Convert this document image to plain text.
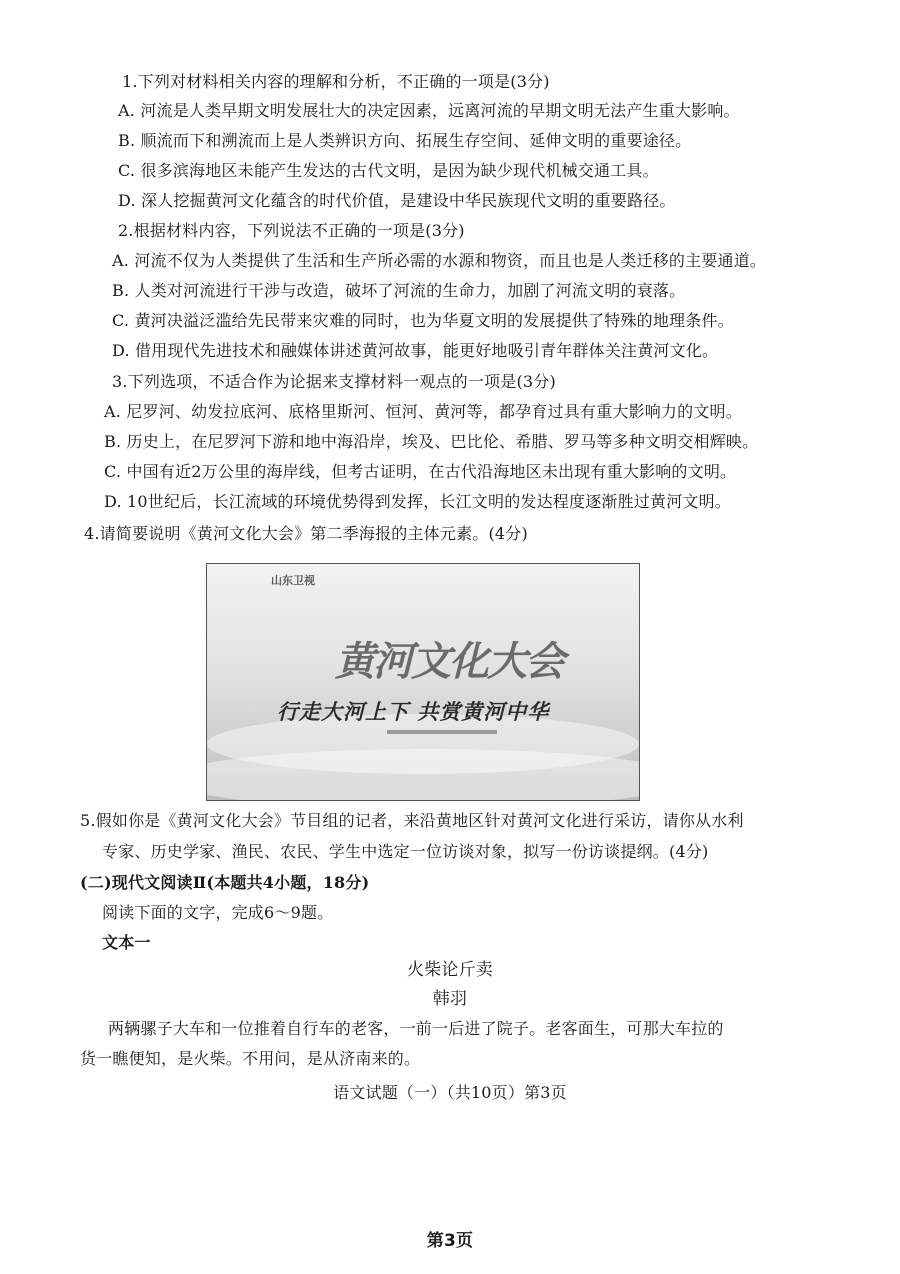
1.下列对材料相关内容的理解和分析，不正确的一项是(3分)
A. 河流是人类早期文明发展壮大的决定因素，远离河流的早期文明无法产生重大影响。
B. 顺流而下和溯流而上是人类辨识方向、拓展生存空间、延伸文明的重要途径。
C. 很多滨海地区未能产生发达的古代文明，是因为缺少现代机械交通工具。
D. 深人挖掘黄河文化蕴含的时代价值，是建设中华民族现代文明的重要路径。
2.根据材料内容，下列说法不正确的一项是(3分)
A. 河流不仅为人类提供了生活和生产所必需的水源和物资，而且也是人类迁移的主要通道。
B. 人类对河流进行干涉与改造，破坏了河流的生命力，加剧了河流文明的衰落。
C. 黄河决溢泛滥给先民带来灾难的同时，也为华夏文明的发展提供了特殊的地理条件。
D. 借用现代先进技术和融媒体讲述黄河故事，能更好地吸引青年群体关注黄河文化。
3.下列选项，不适合作为论据来支撑材料一观点的一项是(3分)
A. 尼罗河、幼发拉底河、底格里斯河、恒河、黄河等，都孕育过具有重大影响力的文明。
B. 历史上，在尼罗河下游和地中海沿岸，埃及、巴比伦、希腊、罗马等多种文明交相辉映。
C. 中国有近2万公里的海岸线，但考古证明，在古代沿海地区未出现有重大影响的文明。
D. 10世纪后，长江流域的环境优势得到发挥，长江文明的发达程度逐渐胜过黄河文明。
4.请简要说明《黄河文化大会》第二季海报的主体元素。(4分)
山东卫视
黄河文化大会
行走大河上下 共赏黄河中华
5.假如你是《黄河文化大会》节目组的记者，来沿黄地区针对黄河文化进行采访，请你从水利
专家、历史学家、渔民、农民、学生中选定一位访谈对象，拟写一份访谈提纲。(4分)
(二)现代文阅读Ⅱ(本题共4小题，18分)
阅读下面的文字，完成6～9题。
文本一
火柴论斤卖
韩羽
两辆骡子大车和一位推着自行车的老客，一前一后进了院子。老客面生，可那大车拉的
货一瞧便知，是火柴。不用问，是从济南来的。
语文试题（一）（共10页）第3页
第3页
